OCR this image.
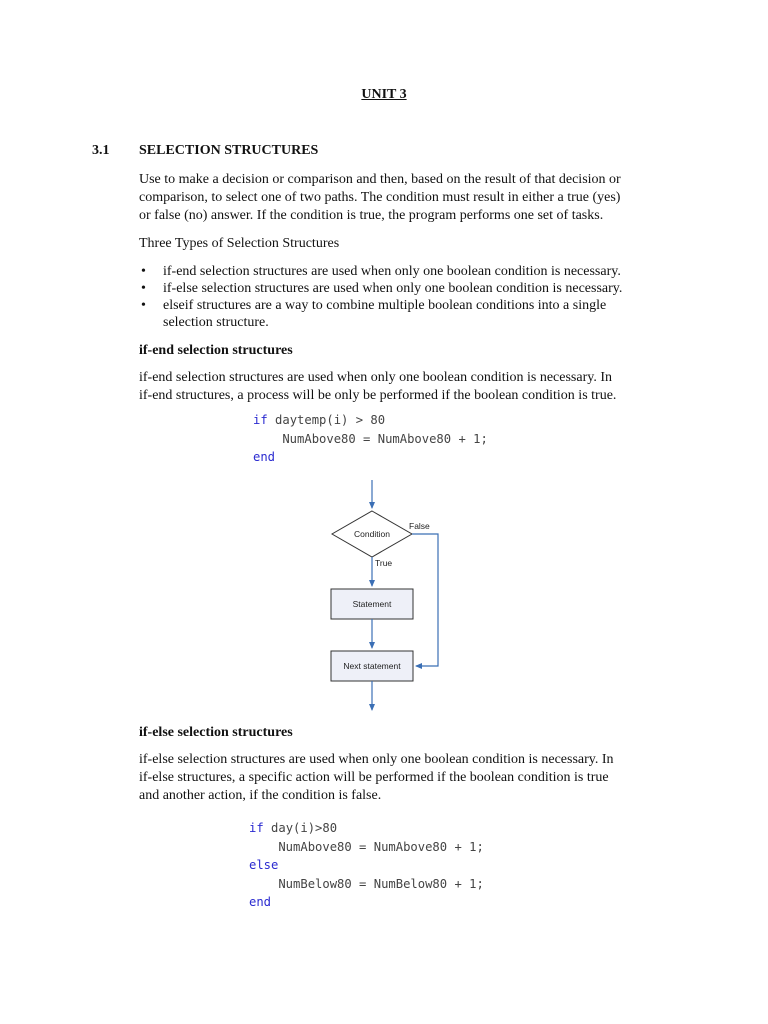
UNIT 3
3.1 SELECTION STRUCTURES
Use to make a decision or comparison and then, based on the result of that decision or
comparison, to select one of two paths. The condition must result in either a true (yes)
or false (no) answer. If the condition is true, the program performs one set of tasks.
Three Types of Selection Structures
• if-end selection structures are used when only one boolean condition is necessary.
• if-else selection structures are used when only one boolean condition is necessary.
• elseif structures are a way to combine multiple boolean conditions into a single
selection structure.
if-end selection structures
if-end selection structures are used when only one boolean condition is necessary. In
if-end structures, a process will be only be performed if the boolean condition is true.
if daytemp(i) > 80
NumAbove80 = NumAbove80 + 1;
end
Condition
False
True
Statement
Next statement
if-else selection structures
if-else selection structures are used when only one boolean condition is necessary. In
if-else structures, a specific action will be performed if the boolean condition is true
and another action, if the condition is false.
if day(i)>80
NumAbove80 = NumAbove80 + 1;
else
NumBelow80 = NumBelow80 + 1;
end
